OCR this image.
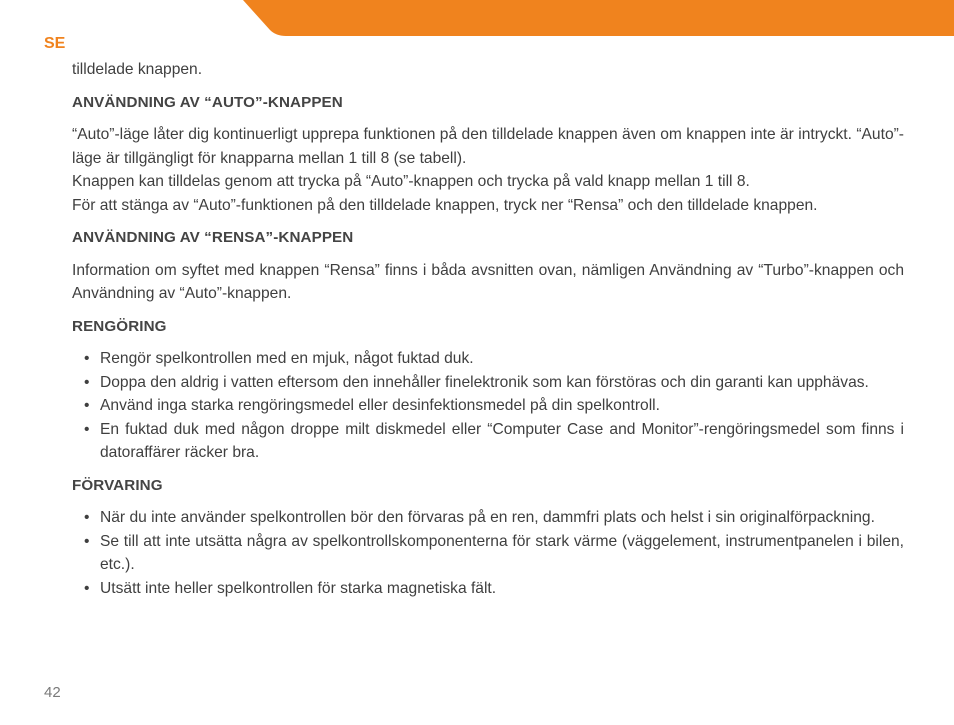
SE

tilldelade knappen.

ANVÄNDNING AV “AUTO”-KNAPPEN

“Auto”-läge låter dig kontinuerligt upprepa funktionen på den tilldelade knappen även om knappen inte är intryckt. “Auto”-läge är tillgängligt för knapparna mellan 1 till 8 (se tabell).

Knappen kan tilldelas genom att trycka på “Auto”-knappen och trycka på vald knapp mellan 1 till 8.

För att stänga av “Auto”-funktionen på den tilldelade knappen, tryck ner “Rensa” och den tilldelade knappen.

ANVÄNDNING AV “RENSA”-KNAPPEN

Information om syftet med knappen “Rensa” finns i båda avsnitten ovan, nämligen Användning av “Turbo”-knappen och Användning av “Auto”-knappen.

RENGÖRING
• Rengör spelkontrollen med en mjuk, något fuktad duk.
• Doppa den aldrig i vatten eftersom den innehåller finelektronik som kan förstöras och din garanti kan upphävas.
• Använd inga starka rengöringsmedel eller desinfektionsmedel på din spelkontroll.
• En fuktad duk med någon droppe milt diskmedel eller “Computer Case and Monitor”-rengöringsmedel som finns i datoraffärer räcker bra.
FÖRVARING
• När du inte använder spelkontrollen bör den förvaras på en ren, dammfri plats och helst i sin originalförpackning.
• Se till att inte utsätta några av spelkontrollskomponenterna för stark värme (väggelement, instrumentpanelen i bilen, etc.).
• Utsätt inte heller spelkontrollen för starka magnetiska fält.
42
